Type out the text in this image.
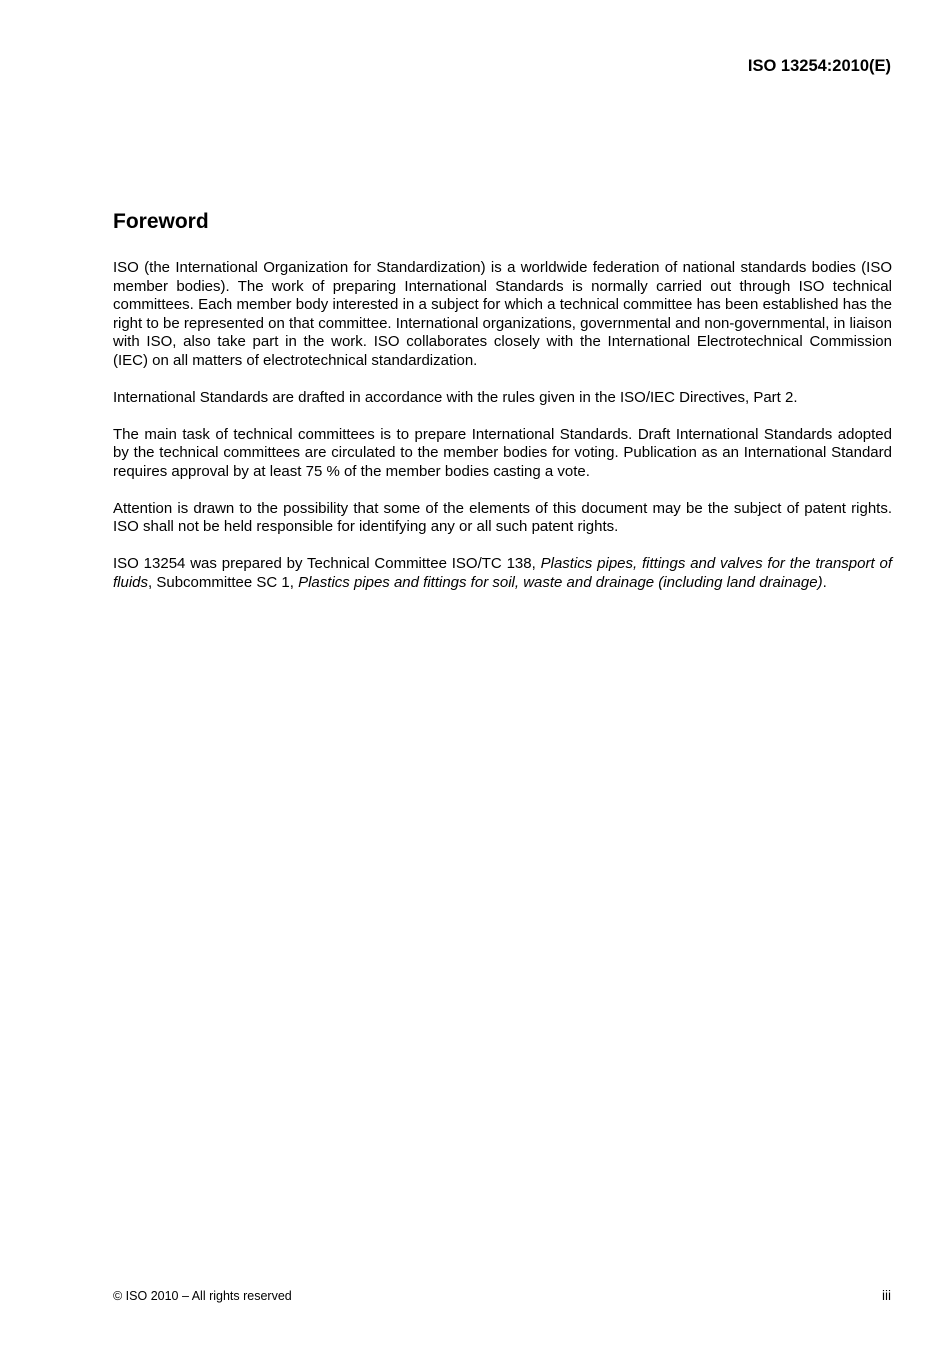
ISO 13254:2010(E)
Foreword

ISO (the International Organization for Standardization) is a worldwide federation of national standards bodies (ISO member bodies). The work of preparing International Standards is normally carried out through ISO technical committees. Each member body interested in a subject for which a technical committee has been established has the right to be represented on that committee. International organizations, governmental and non-governmental, in liaison with ISO, also take part in the work. ISO collaborates closely with the International Electrotechnical Commission (IEC) on all matters of electrotechnical standardization.

International Standards are drafted in accordance with the rules given in the ISO/IEC Directives, Part 2.

The main task of technical committees is to prepare International Standards. Draft International Standards adopted by the technical committees are circulated to the member bodies for voting. Publication as an International Standard requires approval by at least 75 % of the member bodies casting a vote.

Attention is drawn to the possibility that some of the elements of this document may be the subject of patent rights. ISO shall not be held responsible for identifying any or all such patent rights.

ISO 13254 was prepared by Technical Committee ISO/TC 138, Plastics pipes, fittings and valves for the transport of fluids, Subcommittee SC 1, Plastics pipes and fittings for soil, waste and drainage (including land drainage).

© ISO 2010 – All rights reserved	iii
